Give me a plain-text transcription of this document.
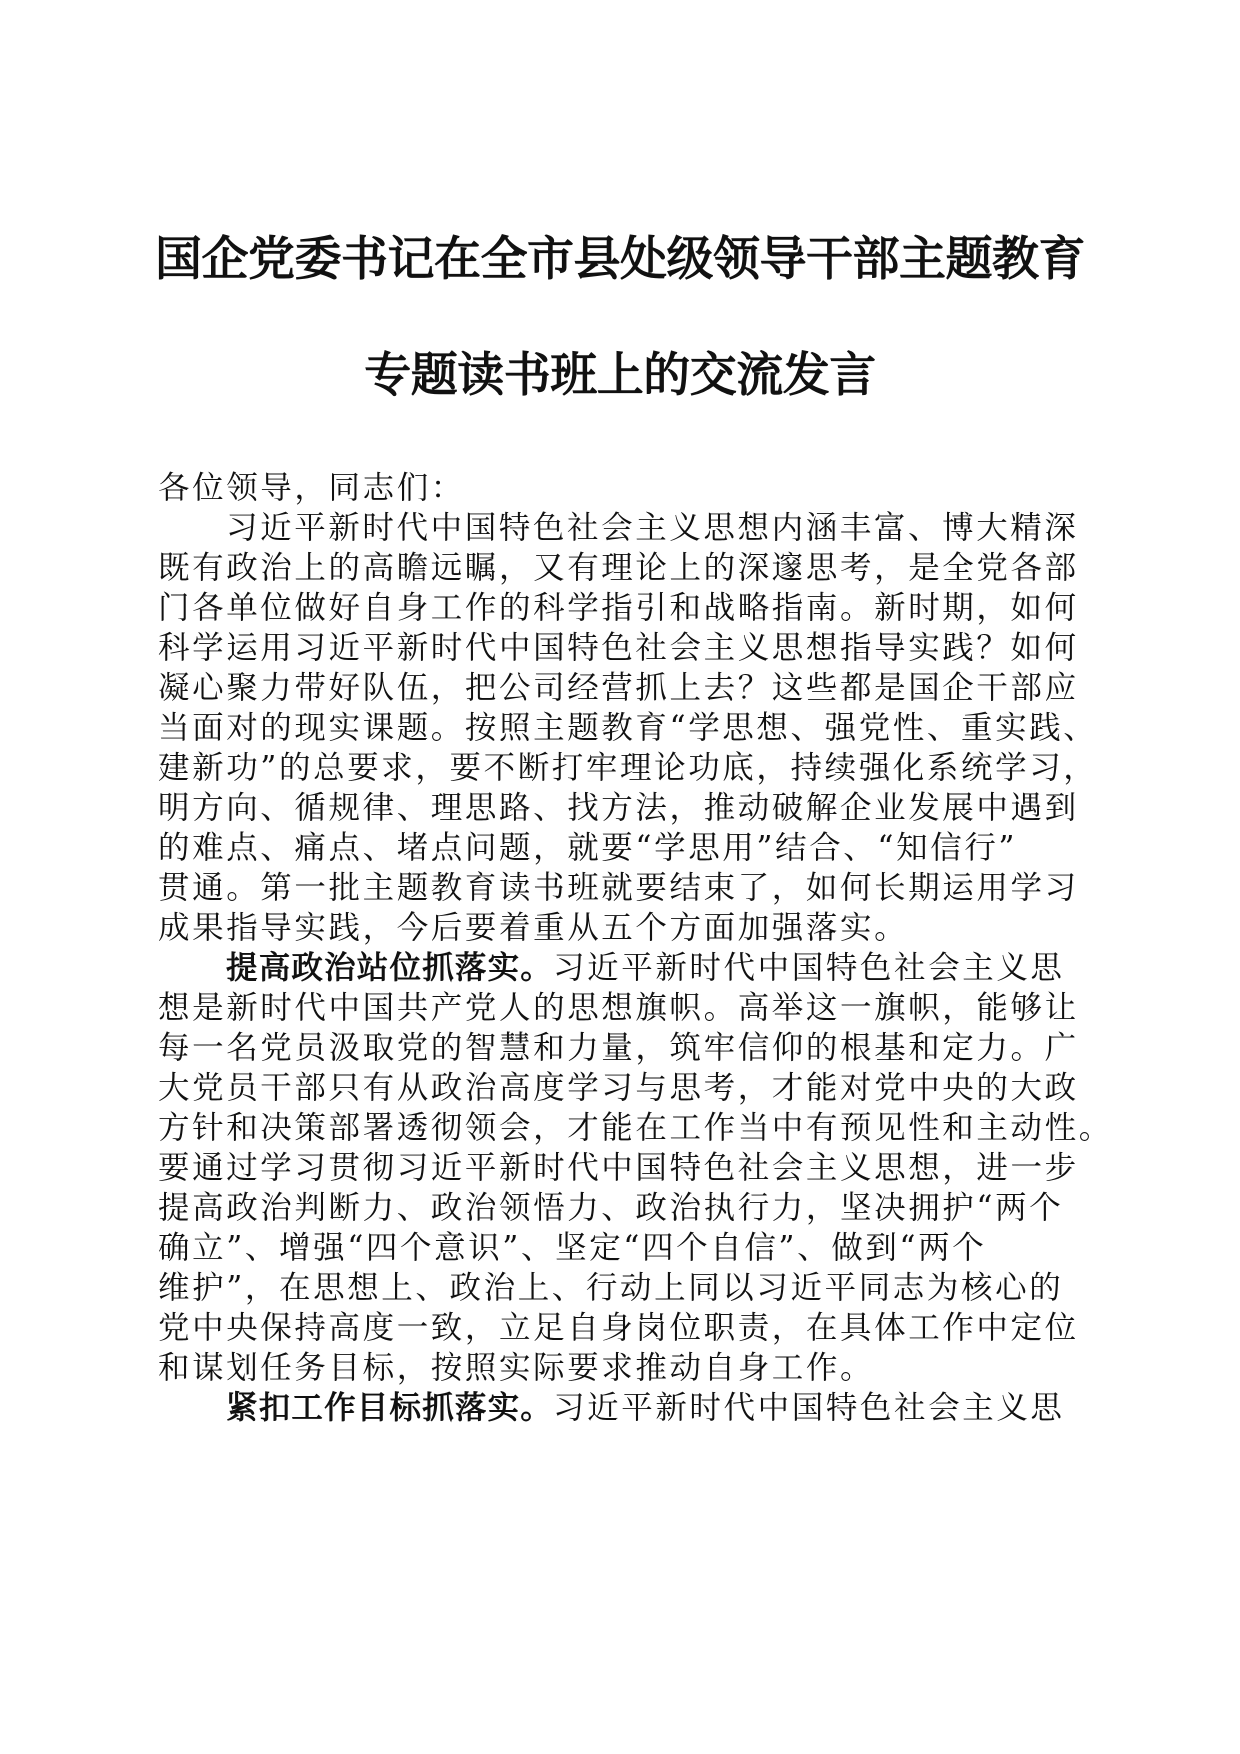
国企党委书记在全市县处级领导干部主题教育
专题读书班上的交流发言
各位领导，同志们：
习近平新时代中国特色社会主义思想内涵丰富、博大精深
既有政治上的高瞻远瞩，又有理论上的深邃思考，是全党各部
门各单位做好自身工作的科学指引和战略指南。新时期，如何
科学运用习近平新时代中国特色社会主义思想指导实践？如何
凝心聚力带好队伍，把公司经营抓上去？这些都是国企干部应
当面对的现实课题。按照主题教育“学思想、强党性、重实践、
建新功”的总要求，要不断打牢理论功底，持续强化系统学习，
明方向、循规律、理思路、找方法，推动破解企业发展中遇到
的难点、痛点、堵点问题，就要“学思用”结合、“知信行”
贯通。第一批主题教育读书班就要结束了，如何长期运用学习
成果指导实践，今后要着重从五个方面加强落实。
提高政治站位抓落实。习近平新时代中国特色社会主义思
想是新时代中国共产党人的思想旗帜。高举这一旗帜，能够让
每一名党员汲取党的智慧和力量，筑牢信仰的根基和定力。广
大党员干部只有从政治高度学习与思考，才能对党中央的大政
方针和决策部署透彻领会，才能在工作当中有预见性和主动性。
要通过学习贯彻习近平新时代中国特色社会主义思想，进一步
提高政治判断力、政治领悟力、政治执行力，坚决拥护“两个
确立”、增强“四个意识”、坚定“四个自信”、做到“两个
维护”，在思想上、政治上、行动上同以习近平同志为核心的
党中央保持高度一致，立足自身岗位职责，在具体工作中定位
和谋划任务目标，按照实际要求推动自身工作。
紧扣工作目标抓落实。习近平新时代中国特色社会主义思
